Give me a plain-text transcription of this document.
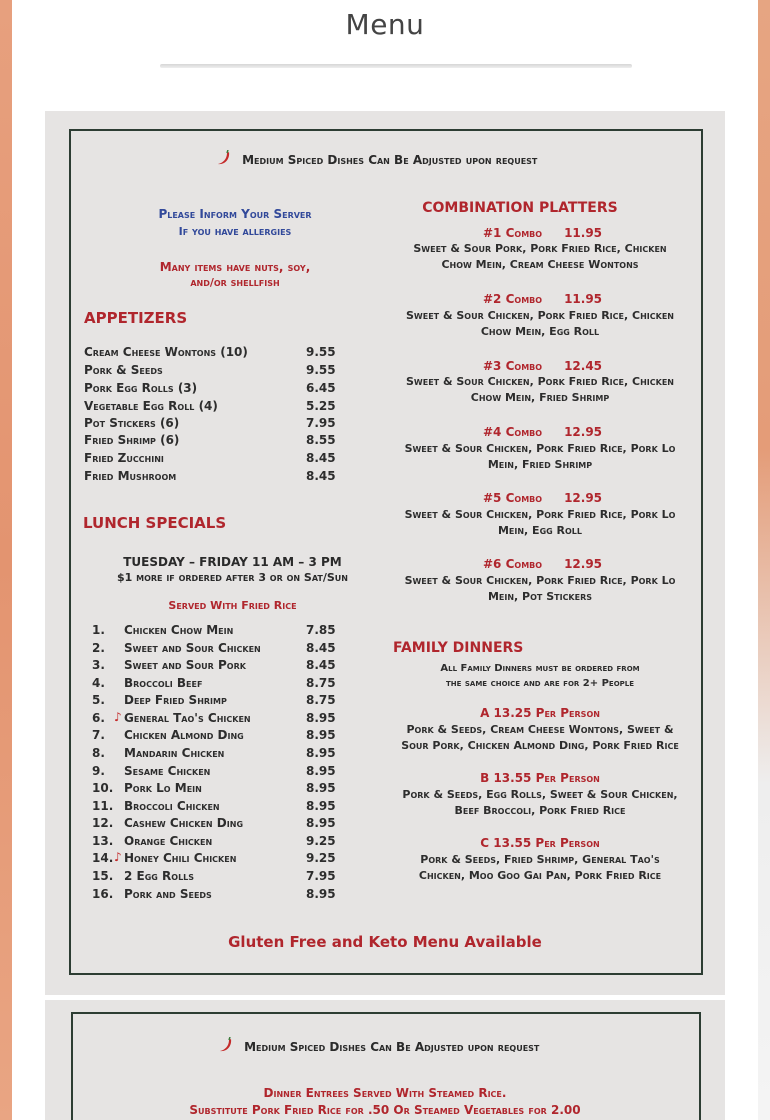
Menu
Medium Spiced Dishes Can Be Adjusted upon request
Please Inform Your Server
If you have allergies
Many items have nuts, soy,
and/or shellfish
APPETIZERS
Cream Cheese Wontons (10)	9.55
Pork & Seeds	9.55
Pork Egg Rolls (3)	6.45
Vegetable Egg Roll (4)	5.25
Pot Stickers (6)	7.95
Fried Shrimp (6)	8.55
Fried Zucchini	8.45
Fried Mushroom	8.45
LUNCH SPECIALS
TUESDAY – FRIDAY 11 AM – 3 PM
$1 more if ordered after 3 or on Sat/Sun
Served With Fried Rice
1. Chicken Chow Mein	7.85
2. Sweet and Sour Chicken	8.45
3. Sweet and Sour Pork	8.45
4. Broccoli Beef	8.75
5. Deep Fried Shrimp	8.75
6. ♪ General Tao's Chicken	8.95
7. Chicken Almond Ding	8.95
8. Mandarin Chicken	8.95
9. Sesame Chicken	8.95
10. Pork Lo Mein	8.95
11. Broccoli Chicken	8.95
12. Cashew Chicken Ding	8.95
13. Orange Chicken	9.25
14. ♪ Honey Chili Chicken	9.25
15. 2 Egg Rolls	7.95
16. Pork and Seeds	8.95
COMBINATION PLATTERS
#1 Combo 11.95
Sweet & Sour Pork, Pork Fried Rice, Chicken
Chow Mein, Cream Cheese Wontons
#2 Combo 11.95
Sweet & Sour Chicken, Pork Fried Rice, Chicken
Chow Mein, Egg Roll
#3 Combo 12.45
Sweet & Sour Chicken, Pork Fried Rice, Chicken
Chow Mein, Fried Shrimp
#4 Combo 12.95
Sweet & Sour Chicken, Pork Fried Rice, Pork Lo
Mein, Fried Shrimp
#5 Combo 12.95
Sweet & Sour Chicken, Pork Fried Rice, Pork Lo
Mein, Egg Roll
#6 Combo 12.95
Sweet & Sour Chicken, Pork Fried Rice, Pork Lo
Mein, Pot Stickers
FAMILY DINNERS
All Family Dinners must be ordered from
the same choice and are for 2+ People
A 13.25 Per Person
Pork & Seeds, Cream Cheese Wontons, Sweet &
Sour Pork, Chicken Almond Ding, Pork Fried Rice
B 13.55 Per Person
Pork & Seeds, Egg Rolls, Sweet & Sour Chicken,
Beef Broccoli, Pork Fried Rice
C 13.55 Per Person
Pork & Seeds, Fried Shrimp, General Tao's
Chicken, Moo Goo Gai Pan, Pork Fried Rice
Gluten Free and Keto Menu Available
Medium Spiced Dishes Can Be Adjusted upon request
Dinner Entrees Served With Steamed Rice.
Substitute Pork Fried Rice for .50 Or Steamed Vegetables for 2.00
